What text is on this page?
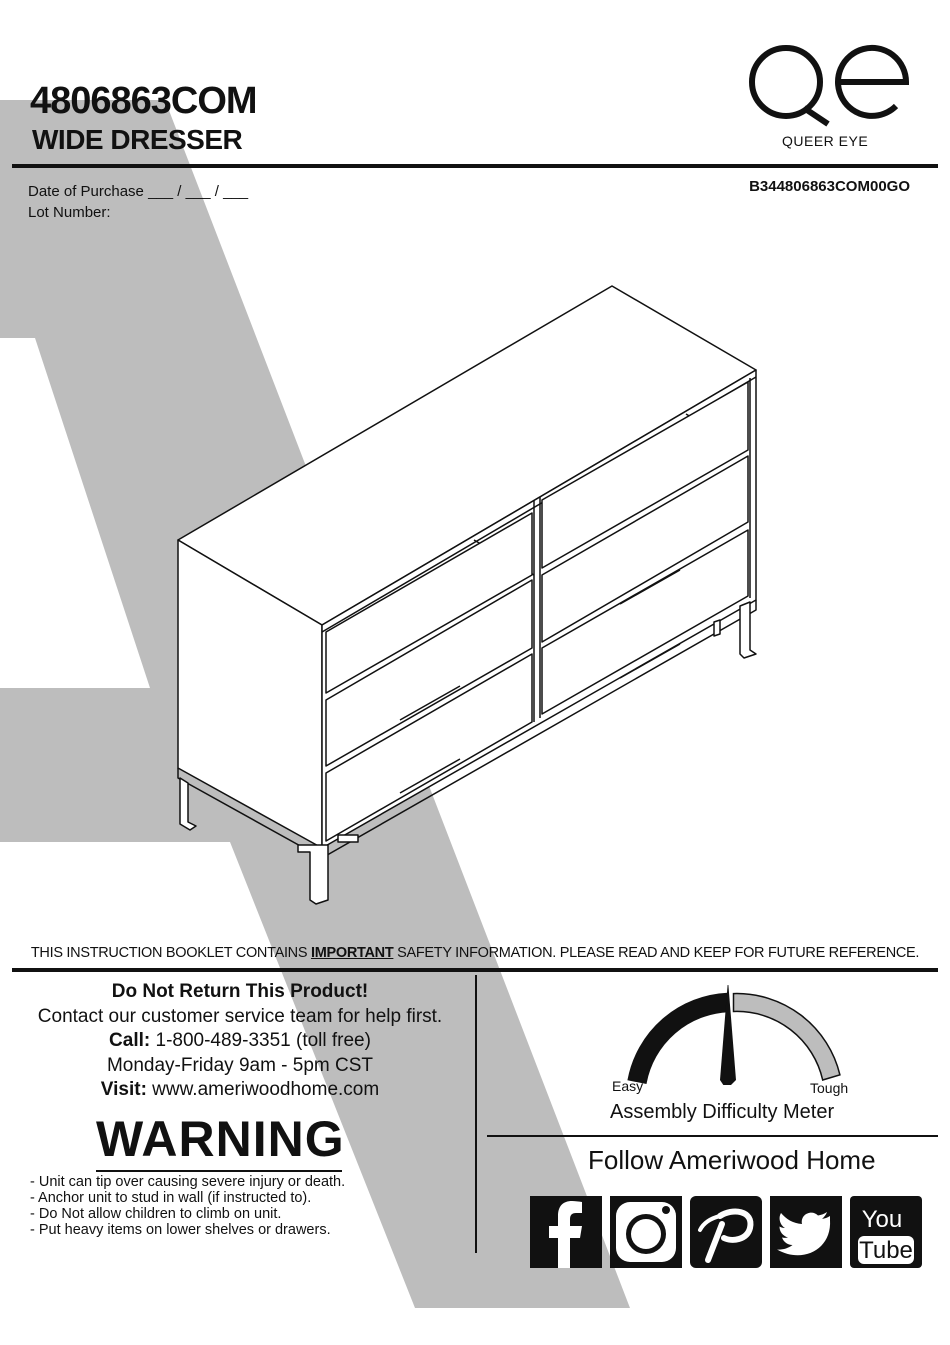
4806863COM
WIDE DRESSER	QUEER EYE
Date of Purchase ___ / ___ / ___
Lot Number:
B344806863COM00GO
THIS INSTRUCTION BOOKLET CONTAINS IMPORTANT SAFETY INFORMATION. PLEASE READ AND KEEP FOR FUTURE REFERENCE.
Do Not Return This Product!
Contact our customer service team for help first.
Call: 1-800-489-3351 (toll free)
Monday-Friday 9am - 5pm CST
Visit: www.ameriwoodhome.com
WARNING
- Unit can tip over causing severe injury or death.
- Anchor unit to stud in wall (if instructed to).
- Do Not allow children to climb on unit.
- Put heavy items on lower shelves or drawers.
Easy	Tough
Assembly Difficulty Meter
Follow Ameriwood Home
You
Tube
